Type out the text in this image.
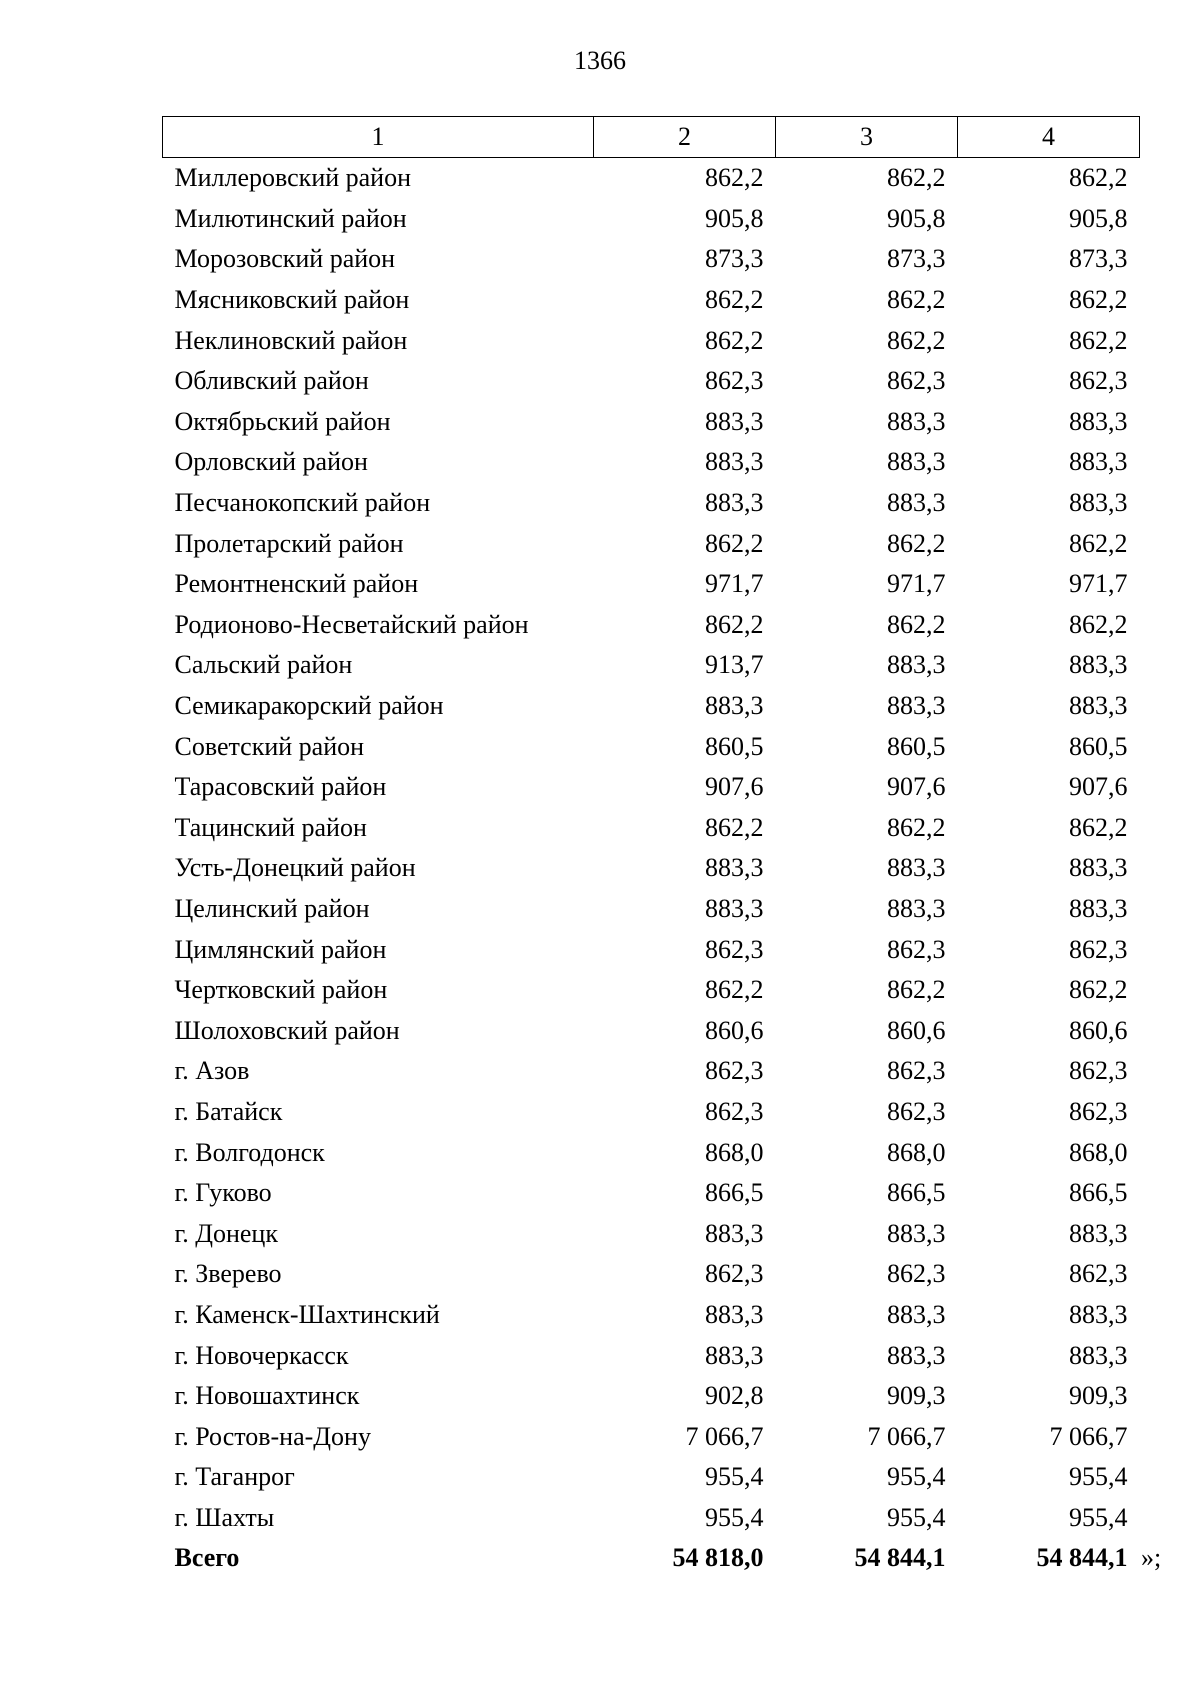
1366
1	2	3	4
Миллеровский район	862,2	862,2	862,2
Милютинский район	905,8	905,8	905,8
Морозовский район	873,3	873,3	873,3
Мясниковский район	862,2	862,2	862,2
Неклиновский район	862,2	862,2	862,2
Обливский район	862,3	862,3	862,3
Октябрьский район	883,3	883,3	883,3
Орловский район	883,3	883,3	883,3
Песчанокопский район	883,3	883,3	883,3
Пролетарский район	862,2	862,2	862,2
Ремонтненский район	971,7	971,7	971,7
Родионово-Несветайский район	862,2	862,2	862,2
Сальский район	913,7	883,3	883,3
Семикаракорский район	883,3	883,3	883,3
Советский район	860,5	860,5	860,5
Тарасовский район	907,6	907,6	907,6
Тацинский район	862,2	862,2	862,2
Усть-Донецкий район	883,3	883,3	883,3
Целинский район	883,3	883,3	883,3
Цимлянский район	862,3	862,3	862,3
Чертковский район	862,2	862,2	862,2
Шолоховский район	860,6	860,6	860,6
г. Азов	862,3	862,3	862,3
г. Батайск	862,3	862,3	862,3
г. Волгодонск	868,0	868,0	868,0
г. Гуково	866,5	866,5	866,5
г. Донецк	883,3	883,3	883,3
г. Зверево	862,3	862,3	862,3
г. Каменск-Шахтинский	883,3	883,3	883,3
г. Новочеркасск	883,3	883,3	883,3
г. Новошахтинск	902,8	909,3	909,3
г. Ростов-на-Дону	7 066,7	7 066,7	7 066,7
г. Таганрог	955,4	955,4	955,4
г. Шахты	955,4	955,4	955,4
Всего	54 818,0	54 844,1	54 844,1 »;
